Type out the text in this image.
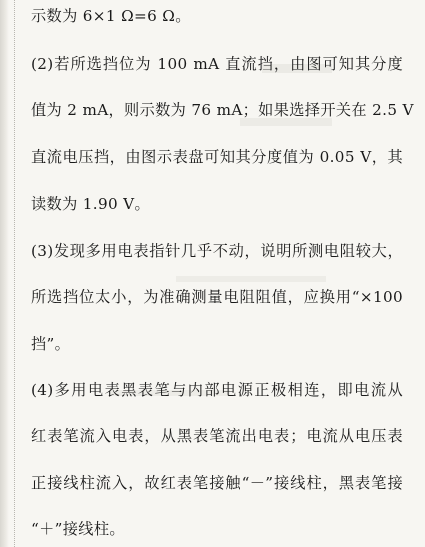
示数为 6×1 Ω=6 Ω。
(2)若所选挡位为 100 mA 直流挡，由图可知其分度
值为 2 mA，则示数为 76 mA；如果选择开关在 2.5 V
直流电压挡，由图示表盘可知其分度值为 0.05 V，其
读数为 1.90 V。
(3)发现多用电表指针几乎不动，说明所测电阻较大，
所选挡位太小，为准确测量电阻阻值，应换用“×100
挡”。
(4)多用电表黑表笔与内部电源正极相连，即电流从
红表笔流入电表，从黑表笔流出电表；电流从电压表
正接线柱流入，故红表笔接触“－”接线柱，黑表笔接
“＋”接线柱。
